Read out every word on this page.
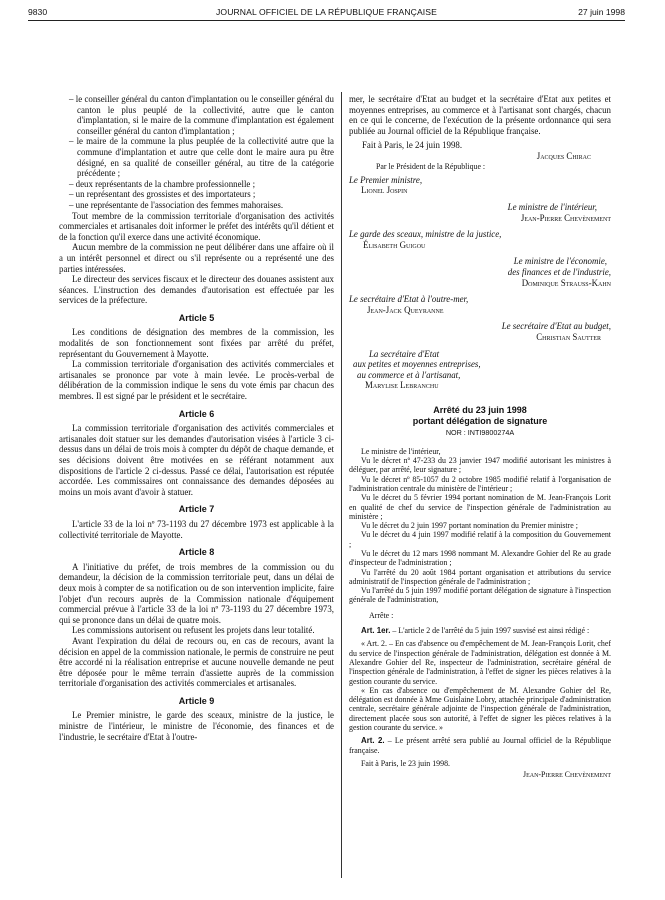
9830	JOURNAL OFFICIEL DE LA RÉPUBLIQUE FRANÇAISE	27 juin 1998

– le conseiller général du canton d'implantation ou le conseiller général du canton le plus peuplé de la collectivité, autre que le canton d'implantation, si le maire de la commune d'implantation est également conseiller général du canton d'implantation ;

– le maire de la commune la plus peuplée de la collectivité autre que la commune d'implantation et autre que celle dont le maire aura pu être désigné, en sa qualité de conseiller général, au titre de la catégorie précédente ;

– deux représentants de la chambre professionnelle ;

– un représentant des grossistes et des importateurs ;

– une représentante de l'association des femmes mahoraises.

Tout membre de la commission territoriale d'organisation des activités commerciales et artisanales doit informer le préfet des intérêts qu'il détient et de la fonction qu'il exerce dans une activité économique.

Aucun membre de la commission ne peut délibérer dans une affaire où il a un intérêt personnel et direct ou s'il représente ou a représenté une des parties intéressées.

Le directeur des services fiscaux et le directeur des douanes assistent aux séances. L'instruction des demandes d'autorisation est effectuée par les services de la préfecture.

Article 5

Les conditions de désignation des membres de la commission, les modalités de son fonctionnement sont fixées par arrêté du préfet, représentant du Gouvernement à Mayotte.

La commission territoriale d'organisation des activités commerciales et artisanales se prononce par vote à main levée. Le procès-verbal de délibération de la commission indique le sens du vote émis par chacun des membres. Il est signé par le président et le secrétaire.

Article 6

La commission territoriale d'organisation des activités commerciales et artisanales doit statuer sur les demandes d'autorisation visées à l'article 3 ci-dessus dans un délai de trois mois à compter du dépôt de chaque demande, et ses décisions doivent être motivées en se référant notamment aux dispositions de l'article 2 ci-dessus. Passé ce délai, l'autorisation est réputée accordée. Les commissaires ont connaissance des demandes déposées au moins un mois avant d'avoir à statuer.

Article 7

L'article 33 de la loi nº 73-1193 du 27 décembre 1973 est applicable à la collectivité territoriale de Mayotte.

Article 8

A l'initiative du préfet, de trois membres de la commission ou du demandeur, la décision de la commission territoriale peut, dans un délai de deux mois à compter de sa notification ou de son intervention implicite, faire l'objet d'un recours auprès de la Commission nationale d'équipement commercial prévue à l'article 33 de la loi nº 73-1193 du 27 décembre 1973, qui se prononce dans un délai de quatre mois.

Les commissions autorisent ou refusent les projets dans leur totalité.

Avant l'expiration du délai de recours ou, en cas de recours, avant la décision en appel de la commission nationale, le permis de construire ne peut être accordé ni la réalisation entreprise et aucune nouvelle demande ne peut être déposée pour le même terrain d'assiette auprès de la commission territoriale d'organisation des activités commerciales et artisanales.

Article 9

Le Premier ministre, le garde des sceaux, ministre de la justice, le ministre de l'intérieur, le ministre de l'économie, des finances et de l'industrie, le secrétaire d'Etat à l'outre-

mer, le secrétaire d'Etat au budget et la secrétaire d'Etat aux petites et moyennes entreprises, au commerce et à l'artisanat sont chargés, chacun en ce qui le concerne, de l'exécution de la présente ordonnance qui sera publiée au Journal officiel de la République française.

Fait à Paris, le 24 juin 1998.

Jacques Chirac

Par le Président de la République :

Le Premier ministre,

Lionel Jospin

Le ministre de l'intérieur,

Jean-Pierre Chevènement

Le garde des sceaux, ministre de la justice,

Élisabeth Guigou

Le ministre de l'économie,

des finances et de l'industrie,

Dominique Strauss-Kahn

Le secrétaire d'Etat à l'outre-mer,

Jean-Jack Queyranne

Le secrétaire d'Etat au budget,

Christian Sautter

La secrétaire d'Etat

aux petites et moyennes entreprises,

au commerce et à l'artisanat,

Marylise Lebranchu

Arrêté du 23 juin 1998
portant délégation de signature
NOR : INTI9800274A

Le ministre de l'intérieur,

Vu le décret nº 47-233 du 23 janvier 1947 modifié autorisant les ministres à déléguer, par arrêté, leur signature ;

Vu le décret nº 85-1057 du 2 octobre 1985 modifié relatif à l'organisation de l'administration centrale du ministère de l'intérieur ;

Vu le décret du 5 février 1994 portant nomination de M. Jean-François Lorit en qualité de chef du service de l'inspection générale de l'administration au ministère ;

Vu le décret du 2 juin 1997 portant nomination du Premier ministre ;

Vu le décret du 4 juin 1997 modifié relatif à la composition du Gouvernement ;

Vu le décret du 12 mars 1998 nommant M. Alexandre Gohier del Re au grade d'inspecteur de l'administration ;

Vu l'arrêté du 20 août 1984 portant organisation et attributions du service administratif de l'inspection générale de l'administration ;

Vu l'arrêté du 5 juin 1997 modifié portant délégation de signature à l'inspection générale de l'administration,

Arrête :

Art. 1er. – L'article 2 de l'arrêté du 5 juin 1997 susvisé est ainsi rédigé :

« Art. 2. – En cas d'absence ou d'empêchement de M. Jean-François Lorit, chef du service de l'inspection générale de l'administration, délégation est donnée à M. Alexandre Gohier del Re, inspecteur de l'administration, secrétaire général de l'inspection générale de l'administration, à l'effet de signer les pièces relatives à la gestion courante du service.

« En cas d'absence ou d'empêchement de M. Alexandre Gohier del Re, délégation est donnée à Mme Guislaine Lobry, attachée principale d'administration centrale, secrétaire générale adjointe de l'inspection générale de l'administration, directement placée sous son autorité, à l'effet de signer les pièces relatives à la gestion courante du service. »

Art. 2. – Le présent arrêté sera publié au Journal officiel de la République française.

Fait à Paris, le 23 juin 1998.

Jean-Pierre Chevènement
